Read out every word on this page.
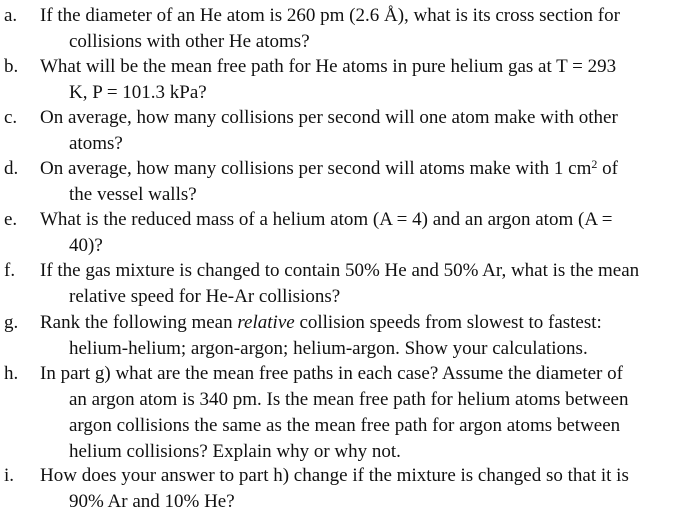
a. If the diameter of an He atom is 260 pm (2.6 Å), what is its cross section for
collisions with other He atoms?
b. What will be the mean free path for He atoms in pure helium gas at T = 293
K, P = 101.3 kPa?
c. On average, how many collisions per second will one atom make with other
atoms?
d. On average, how many collisions per second will atoms make with 1 $cm^2$ of
the vessel walls?
e. What is the reduced mass of a helium atom (A = 4) and an argon atom (A =
40)?
f. If the gas mixture is changed to contain 50% He and 50% Ar, what is the mean
relative speed for He-Ar collisions?
g. Rank the following mean relative collision speeds from slowest to fastest:
helium-helium; argon-argon; helium-argon. Show your calculations.
h. In part g) what are the mean free paths in each case? Assume the diameter of
an argon atom is 340 pm. Is the mean free path for helium atoms between
argon collisions the same as the mean free path for argon atoms between
helium collisions? Explain why or why not.
i. How does your answer to part h) change if the mixture is changed so that it is
90% Ar and 10% He?
